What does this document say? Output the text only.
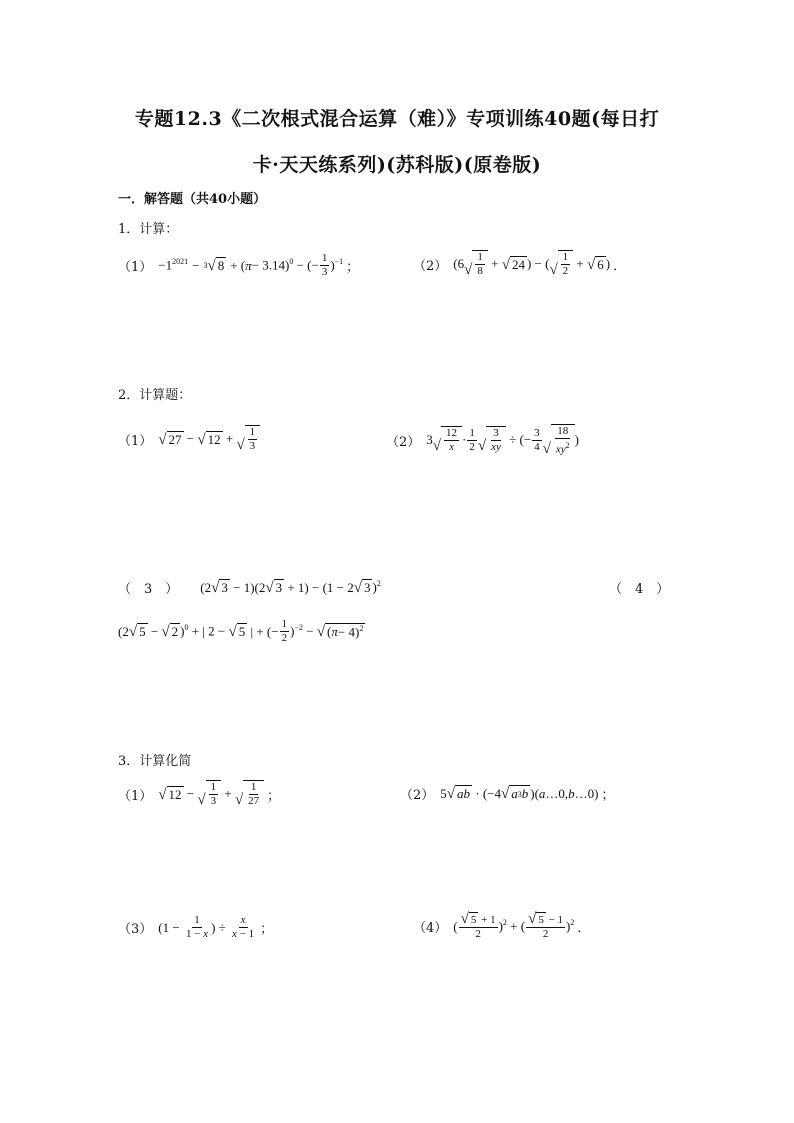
专题12.3《二次根式混合运算（难）》专项训练40题(每日打
卡·天天练系列)(苏科版)(原卷版)
一．解答题（共40小题）
1．计算：
$(1) -1^{2021} - 3$ √ 8 + ( π − 3.14)$^0$ − (− $\frac{1}{3} )^{-1}$ ；	（2） (6 √ $\frac{1}{8}$ + √ 24 ) − ( √ $\frac{1}{2}$ + √ 6 ) ．
2．计算题：
（1） √ 27 − √ 12 + √ $\frac{1}{3}$	（2） 3 √ $\frac{12}{x} \cdot \frac{1}{2}$ √ $\frac{3}{xy}$ ÷ (− $\frac{3}{4}$ √ $\frac{18}{xy^2}$ )
（　3　） (2 √ 3 − 1)(2 √ 3 + 1) − (1 − 2 √ 3 )$^2$	（　4　）
(2 √ 5 − √ 2 )$^0$ + | 2 − √ 5 | + (− $\frac{1}{2} )^{-2}$ − √ ( π − 4)$^2$
3．计算化简
（1） √ 12 − √ $\frac{1}{3}$ + √ $\frac{1}{27}$ ；	（2） 5 √ ab · (−4 √ a 3 b )( a …0, b …0) ；
（3） ($1 - \frac{1}{1 - x}$ ) ÷ $\frac{x}{x - 1}$ ；	（4） ( $\frac{√ 5 + 1}{2} )^2$ + ( $\frac{√ 5 - 1}{2} )^2$ ．
